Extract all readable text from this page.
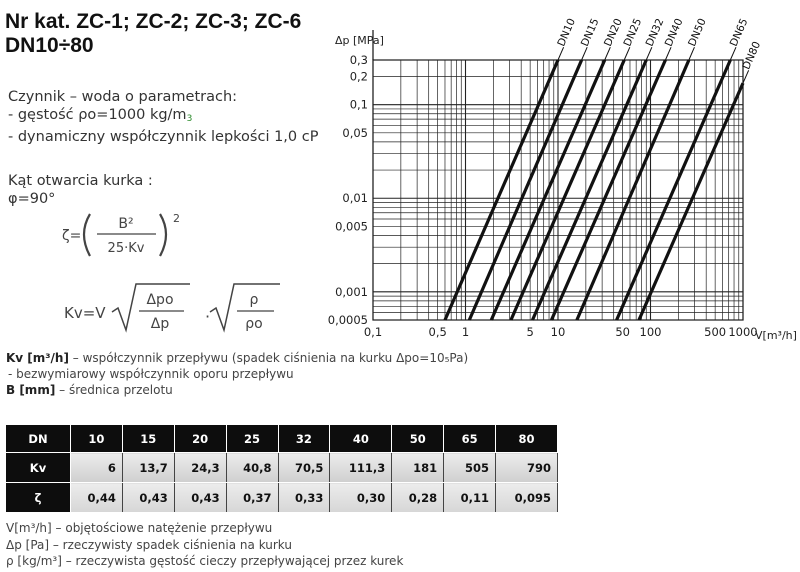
Nr kat. ZC-1; ZC-2; ZC-3; ZC-6
DN10÷80
Czynnik – woda o parametrach:
- gęstość ρo=1000 $kg/m_3$
- dynamiczny współczynnik lepkości 1,0 cP
Kąt otwarcia kurka :
φ=90°
ζ=
B²
25·Kv
2
Kv=V
Δpo
Δp ·
ρ
ρo
DN10 DN15 DN20
DN25 DN32
DN40 DN50 DN65
DN80
0,1	0,5 1	5 10	50 100	500 1000
0,3
0,2
0,1
0,05
0,01
0,005
0,001
0,0005
Δp [MPa]
V[m³/h]
Kv [m³/h] – współczynnik przepływu (spadek ciśnienia na kurku Δpo=10₅Pa)
- bezwymiarowy współczynnik oporu przepływu
B [mm] – średnica przelotu
DN	10	15	20	25	32	40	50	65	80
Kv	6	13,7	24,3	40,8	70,5	111,3	181	505	790
ζ	0,44	0,43	0,43	0,37	0,33	0,30	0,28	0,11	0,095
V[m³/h] – objętościowe natężenie przepływu
Δp [Pa] – rzeczywisty spadek ciśnienia na kurku
ρ [kg/m³] – rzeczywista gęstość cieczy przepływającej przez kurek
